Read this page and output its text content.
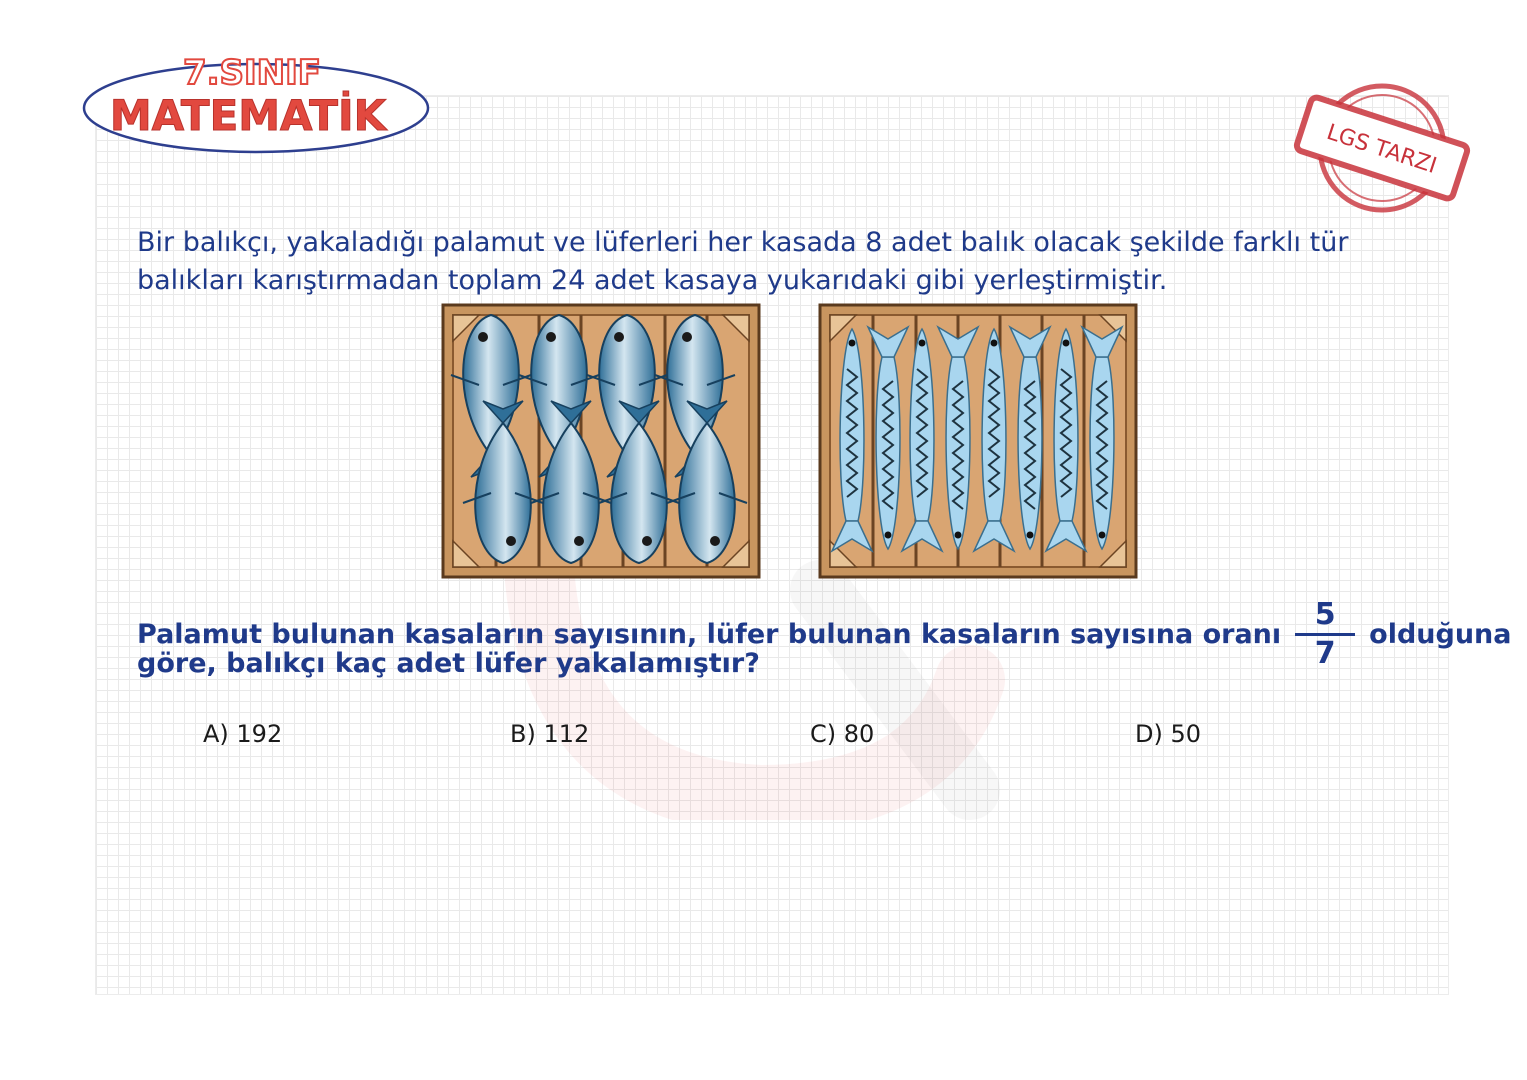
7.SINIF
MATEMATİK
LGS TARZI
Bir balıkçı, yakaladığı palamut ve lüferleri her kasada 8 adet balık olacak şekilde farklı tür
balıkları karıştırmadan toplam 24 adet kasaya yukarıdaki gibi yerleştirmiştir.
Palamut bulunan kasaların sayısının, lüfer bulunan kasaların sayısına oranı $\frac{5}{7}$ olduğuna
göre, balıkçı kaç adet lüfer yakalamıştır?
A) 192	B) 112	C) 80	D) 50
